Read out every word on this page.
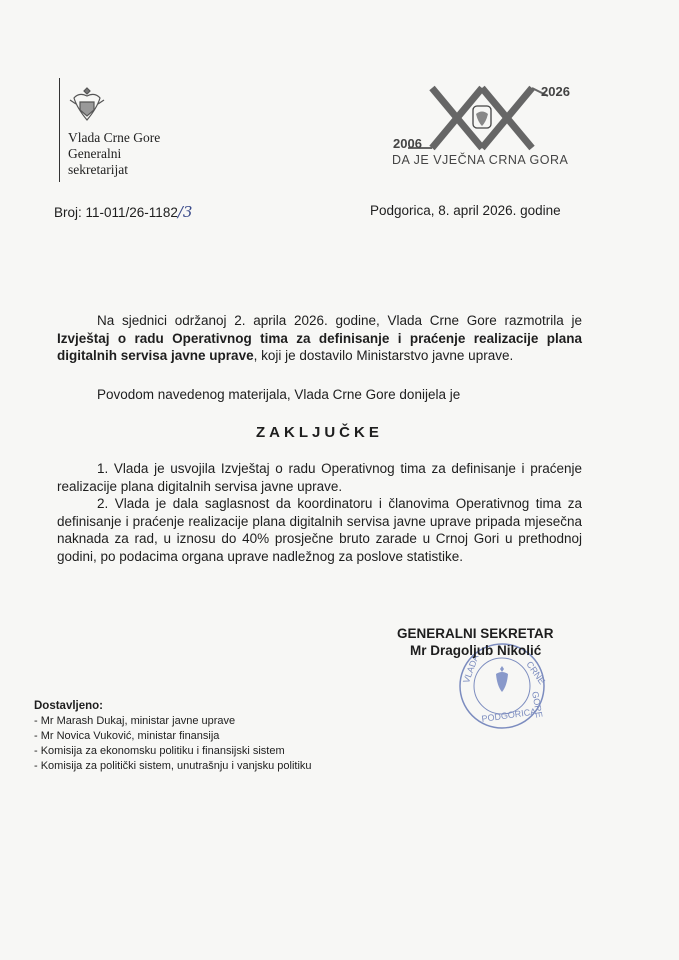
Vlada Crne Gore
Generalni
sekretarijat
2026
2006
DA JE VJEČNA CRNA GORA
Broj: 11-011/26-1182/3	Podgorica, 8. april 2026. godine
Na sjednici održanoj 2. aprila 2026. godine, Vlada Crne Gore razmotrila je Izvještaj o radu Operativnog tima za definisanje i praćenje realizacije plana digitalnih servisa javne uprave, koji je dostavilo Ministarstvo javne uprave.
Povodom navedenog materijala, Vlada Crne Gore donijela je
ZAKLJUČKE
1. Vlada je usvojila Izvještaj o radu Operativnog tima za definisanje i praćenje realizacije plana digitalnih servisa javne uprave.
2. Vlada je dala saglasnost da koordinatoru i članovima Operativnog tima za definisanje i praćenje realizacije plana digitalnih servisa javne uprave pripada mjesečna naknada za rad, u iznosu do 40% prosječne bruto zarade u Crnoj Gori u prethodnoj godini, po podacima organa uprave nadležnog za poslove statistike.
VLADA	CRNE
GORE
PODGORICA
GENERALNI SEKRETAR
Mr Dragoljub Nikolić
Dostavljeno:
- Mr Marash Dukaj, ministar javne uprave
- Mr Novica Vuković, ministar finansija
- Komisija za ekonomsku politiku i finansijski sistem
- Komisija za politički sistem, unutrašnju i vanjsku politiku
